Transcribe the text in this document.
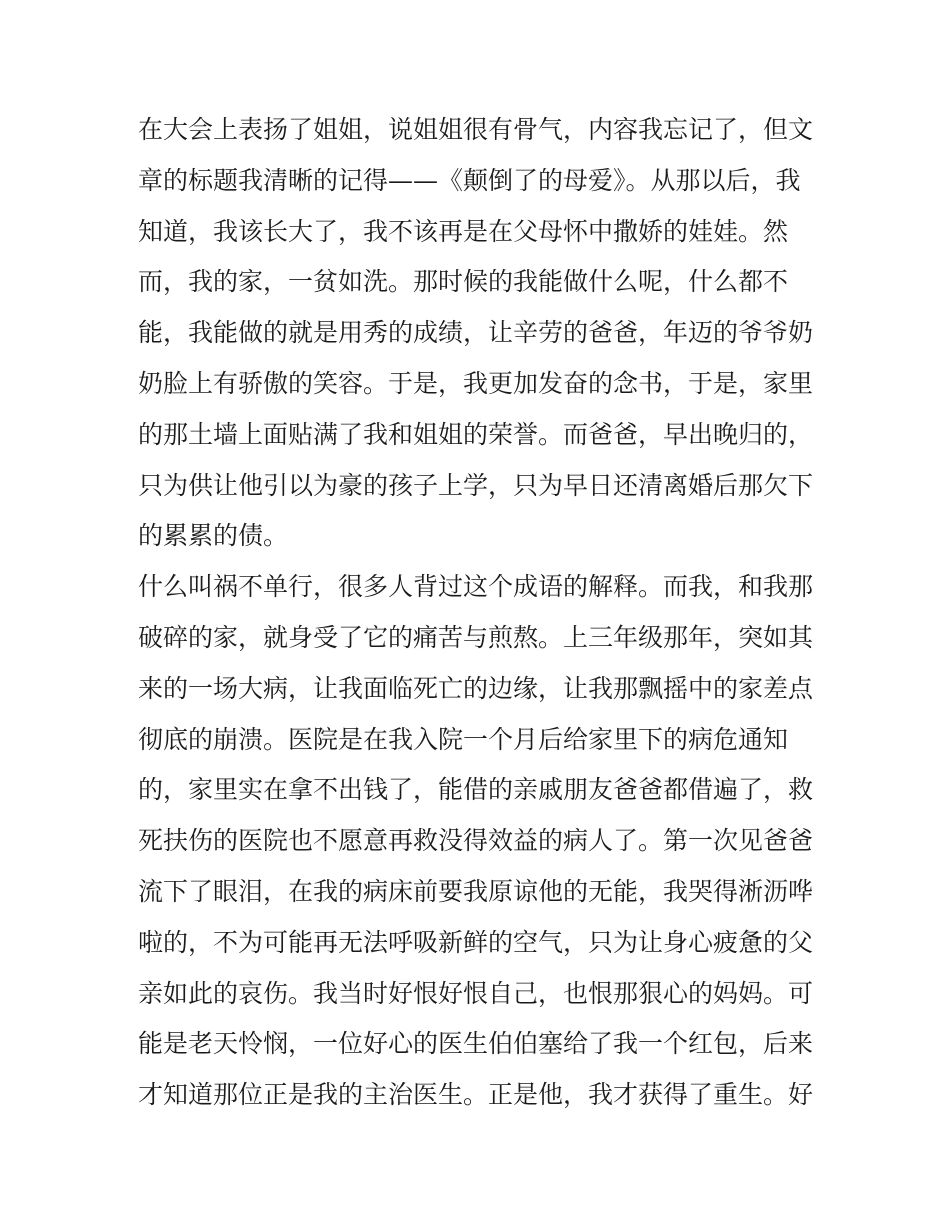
在大会上表扬了姐姐，说姐姐很有骨气，内容我忘记了，但文
章的标题我清晰的记得——《颠倒了的母爱》。从那以后，我
知道，我该长大了，我不该再是在父母怀中撒娇的娃娃。然
而，我的家，一贫如洗。那时候的我能做什么呢，什么都不
能，我能做的就是用秀的成绩，让辛劳的爸爸，年迈的爷爷奶
奶脸上有骄傲的笑容。于是，我更加发奋的念书，于是，家里
的那土墙上面贴满了我和姐姐的荣誉。而爸爸，早出晚归的，
只为供让他引以为豪的孩子上学，只为早日还清离婚后那欠下
的累累的债。
什么叫祸不单行，很多人背过这个成语的解释。而我，和我那
破碎的家，就身受了它的痛苦与煎熬。上三年级那年，突如其
来的一场大病，让我面临死亡的边缘，让我那飘摇中的家差点
彻底的崩溃。医院是在我入院一个月后给家里下的病危通知
的，家里实在拿不出钱了，能借的亲戚朋友爸爸都借遍了，救
死扶伤的医院也不愿意再救没得效益的病人了。第一次见爸爸
流下了眼泪，在我的病床前要我原谅他的无能，我哭得淅沥哗
啦的，不为可能再无法呼吸新鲜的空气，只为让身心疲惫的父
亲如此的哀伤。我当时好恨好恨自己，也恨那狠心的妈妈。可
能是老天怜悯，一位好心的医生伯伯塞给了我一个红包，后来
才知道那位正是我的主治医生。正是他，我才获得了重生。好
